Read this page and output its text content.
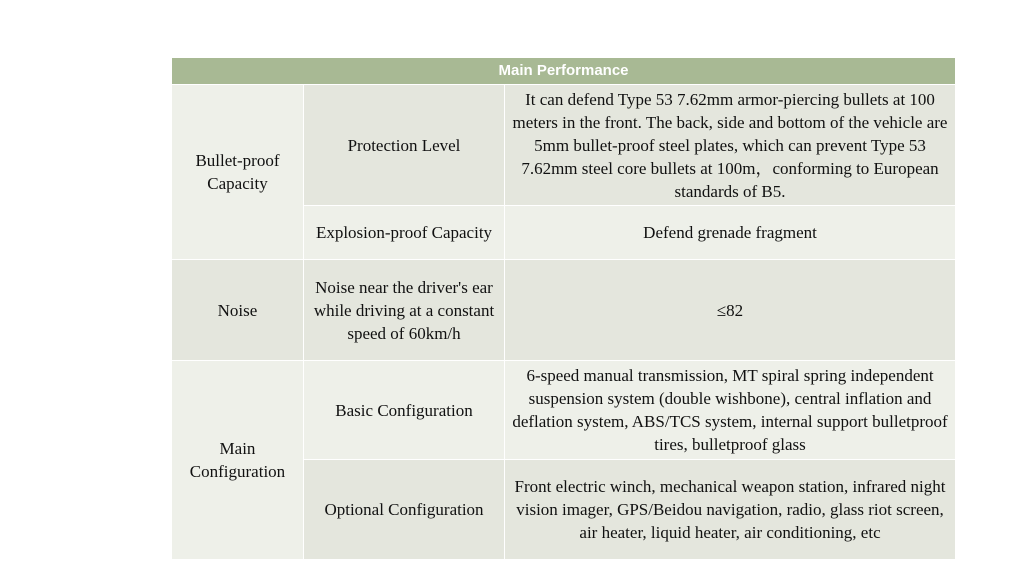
Main Performance		
Bullet-proof Capacity	Protection Level	It can defend Type 53 7.62mm armor-piercing bullets at 100 meters in the front. The back, side and bottom of the vehicle are 5mm bullet-proof steel plates, which can prevent Type 53 7.62mm steel core bullets at 100m，conforming to European standards of B5.
	Explosion-proof Capacity	Defend grenade fragment
Noise	Noise near the driver's ear while driving at a constant speed of 60km/h	≤82
Main Configuration	Basic Configuration	6-speed manual transmission, MT spiral spring independent suspension system (double wishbone), central inflation and deflation system, ABS/TCS system, internal support bulletproof tires, bulletproof glass
	Optional Configuration	Front electric winch, mechanical weapon station, infrared night vision imager, GPS/Beidou navigation, radio, glass riot screen, air heater, liquid heater, air conditioning, etc
